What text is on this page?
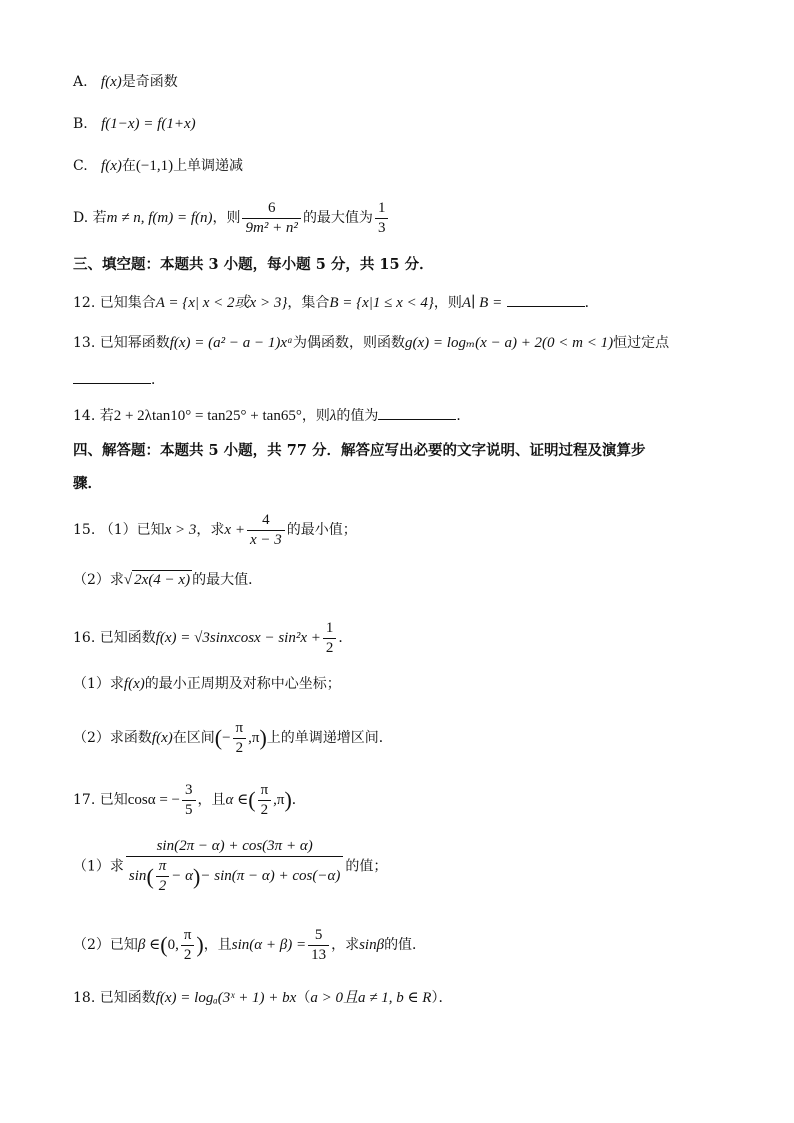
A. f(x)是奇函数
B. f(1−x) = f(1+x)
C. f(x)在(−1,1)上单调递减
D. 若m ≠ n, f(m) = f(n)，则 $\frac{6}{\text{9m² + n²}}$ 的最大值为 $\frac{1}{3}$
三、填空题：本题共 3 小题，每小题 5 分，共 15 分．
12. 已知集合A = {x| x < 2或x > 3}，集合B = {x|1 ≤ x < 4}，则A∣ B =	．
13. 已知幂函数f(x) = (a² − a − 1)xᵃ为偶函数，则函数g(x) = logₘ(x − a) + 2(0 < m < 1)恒过定点
．
14. 若2 + 2λtan10° = tan25° + tan65°，则λ的值为	．
四、解答题：本题共 5 小题，共 77 分．解答应写出必要的文字说明、证明过程及演算步
骤．
15. （1）已知x > 3，求$x + \frac{4}{x - 3}$ 的最小值；
（2）求√ 2x(4 − x) 的最大值．
16. 已知函数f(x) = √3sinxcosx − $\sin^2x + \frac{1}{2}$ ．
（1）求f(x)的最小正周期及对称中心坐标；
（2）求函数f(x)在区间(− $\frac{\pi}{2} ,\pi$)上的单调递增区间．
17. 已知cosα = − $\frac{3}{5}$ ，且α ∈( $\frac{\pi}{2} ,\pi$)．
（1）求 $\frac{\sin(2\pi - \alpha) + \cos(3\pi + \alpha)}{\sin ( \frac{\pi}{2} - \alpha ) - \sin(\pi - \alpha) + \cos(-\alpha)}$ 的值；
（2）已知β ∈(0, $\frac{\pi}{2}$ )，且$\sin(\alpha + \beta) = \frac{5}{13}$ ，求sinβ的值．
18. 已知函数f(x) = logₐ(3ˣ + 1) + bx（a > 0且a ≠ 1, b ∈ R）．
